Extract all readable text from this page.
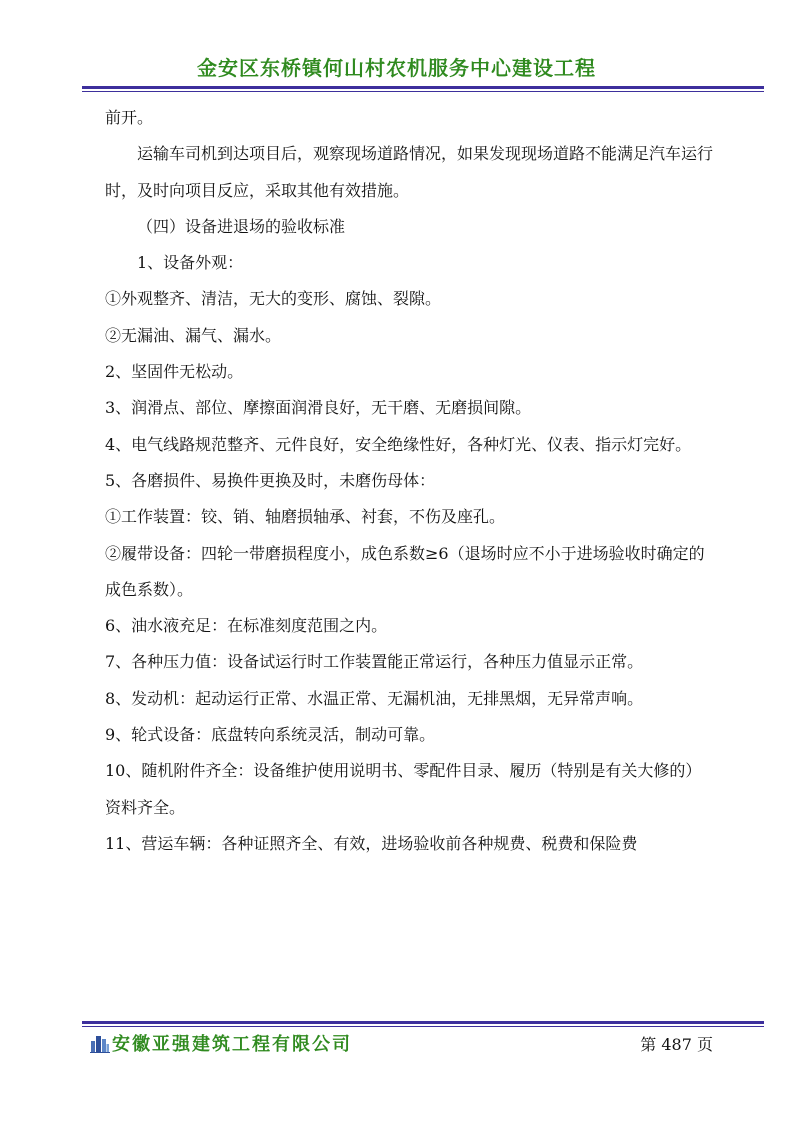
金安区东桥镇何山村农机服务中心建设工程

前开。

运输车司机到达项目后，观察现场道路情况，如果发现现场道路不能满足汽车运行时，及时向项目反应，采取其他有效措施。

（四）设备进退场的验收标准

1、设备外观：

①外观整齐、清洁，无大的变形、腐蚀、裂隙。

②无漏油、漏气、漏水。

2、坚固件无松动。

3、润滑点、部位、摩擦面润滑良好，无干磨、无磨损间隙。

4、电气线路规范整齐、元件良好，安全绝缘性好，各种灯光、仪表、指示灯完好。

5、各磨损件、易换件更换及时，未磨伤母体：

①工作装置：铰、销、轴磨损轴承、衬套，不伤及座孔。

②履带设备：四轮一带磨损程度小，成色系数≥6（退场时应不小于进场验收时确定的成色系数）。

6、油水液充足：在标准刻度范围之内。

7、各种压力值：设备试运行时工作装置能正常运行，各种压力值显示正常。

8、发动机：起动运行正常、水温正常、无漏机油，无排黑烟，无异常声响。

9、轮式设备：底盘转向系统灵活，制动可靠。

10、随机附件齐全：设备维护使用说明书、零配件目录、履历（特别是有关大修的）资料齐全。

11、营运车辆：各种证照齐全、有效，进场验收前各种规费、税费和保险费

安徽亚强建筑工程有限公司	第 487 页
